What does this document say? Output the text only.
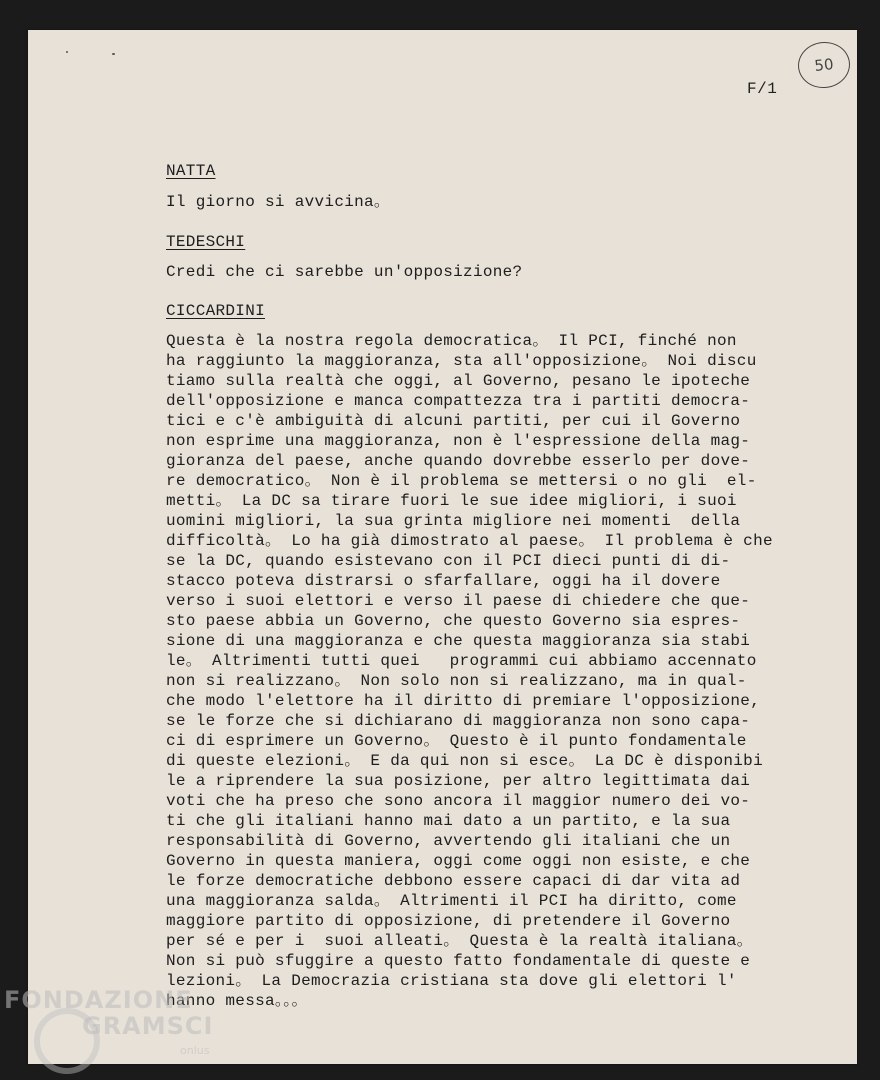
50
F/1
NATTA
Il giorno si avvicina。
TEDESCHI
Credi che ci sarebbe un'opposizione?
CICCARDINI
Questa è la nostra regola democratica。 Il PCI, finché non
ha raggiunto la maggioranza, sta all'opposizione。 Noi discu
tiamo sulla realtà che oggi, al Governo, pesano le ipoteche
dell'opposizione e manca compattezza tra i partiti democra-
tici e c'è ambiguità di alcuni partiti, per cui il Governo
non esprime una maggioranza, non è l'espressione della mag-
gioranza del paese, anche quando dovrebbe esserlo per dove-
re democratico。 Non è il problema se mettersi o no gli  el-
metti。 La DC sa tirare fuori le sue idee migliori, i suoi
uomini migliori, la sua grinta migliore nei momenti  della
difficoltà。 Lo ha già dimostrato al paese。 Il problema è che
se la DC, quando esistevano con il PCI dieci punti di di-
stacco poteva distrarsi o sfarfallare, oggi ha il dovere
verso i suoi elettori e verso il paese di chiedere che que-
sto paese abbia un Governo, che questo Governo sia espres-
sione di una maggioranza e che questa maggioranza sia stabi
le。 Altrimenti tutti quei   programmi cui abbiamo accennato
non si realizzano。 Non solo non si realizzano, ma in qual-
che modo l'elettore ha il diritto di premiare l'opposizione,
se le forze che si dichiarano di maggioranza non sono capa-
ci di esprimere un Governo。 Questo è il punto fondamentale
di queste elezioni。 E da qui non si esce。 La DC è disponibi
le a riprendere la sua posizione, per altro legittimata dai
voti che ha preso che sono ancora il maggior numero dei vo-
ti che gli italiani hanno mai dato a un partito, e la sua
responsabilità di Governo, avvertendo gli italiani che un
Governo in questa maniera, oggi come oggi non esiste, e che
le forze democratiche debbono essere capaci di dar vita ad
una maggioranza salda。 Altrimenti il PCI ha diritto, come
maggiore partito di opposizione, di pretendere il Governo
per sé e per i  suoi alleati。 Questa è la realtà italiana。
Non si può sfuggire a questo fatto fondamentale di queste e
lezioni。 La Democrazia cristiana sta dove gli elettori l'
hanno messa。。。
FONDAZIONE
GRAMSCI
onlus
